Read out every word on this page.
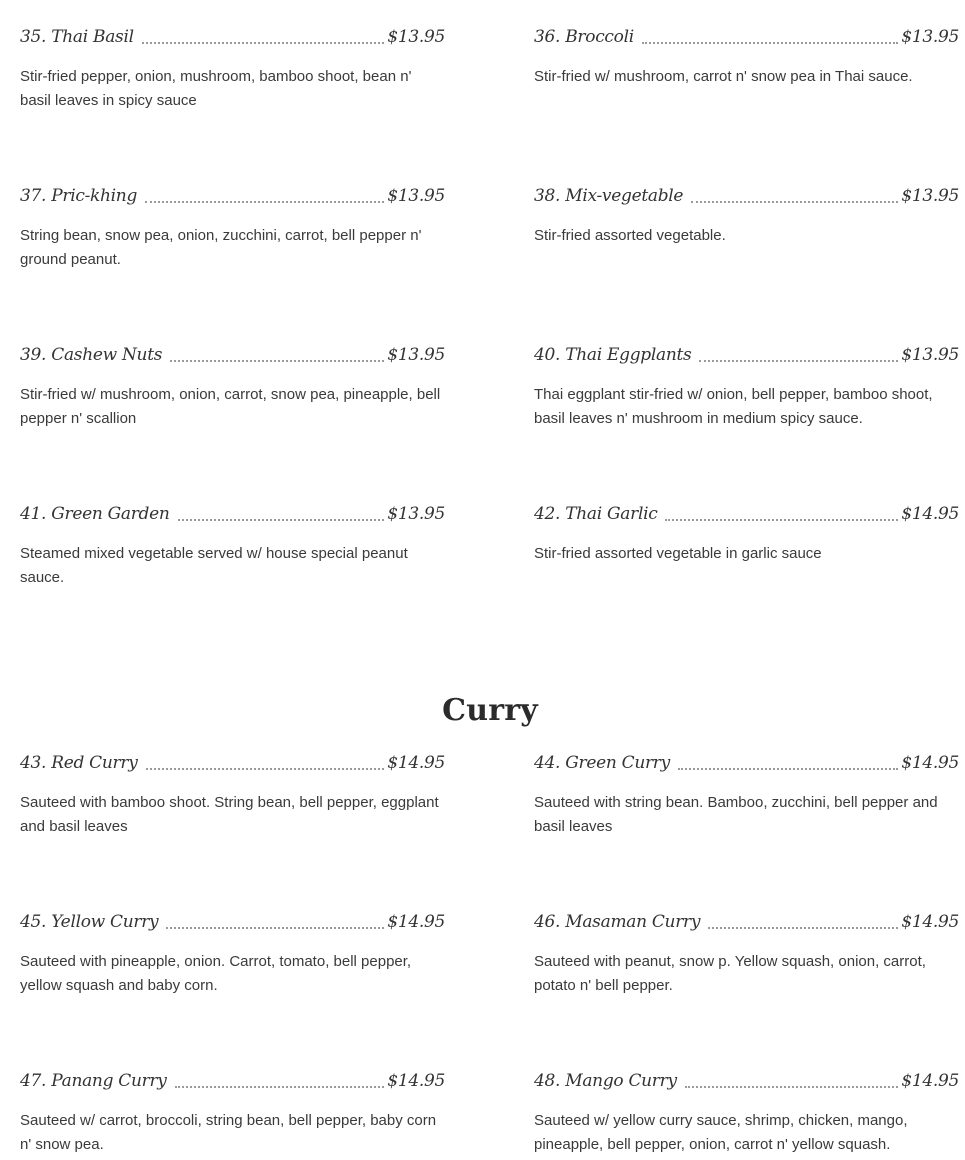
35. Thai Basil	$13.95

Stir-fried pepper, onion, mushroom, bamboo shoot, bean n' basil leaves in spicy sauce

36. Broccoli	$13.95

Stir-fried w/ mushroom, carrot n' snow pea in Thai sauce.

37. Pric-khing	$13.95

String bean, snow pea, onion, zucchini, carrot, bell pepper n' ground peanut.

38. Mix-vegetable	$13.95

Stir-fried assorted vegetable.

39. Cashew Nuts	$13.95

Stir-fried w/ mushroom, onion, carrot, snow pea, pineapple, bell pepper n' scallion

40. Thai Eggplants	$13.95

Thai eggplant stir-fried w/ onion, bell pepper, bamboo shoot, basil leaves n' mushroom in medium spicy sauce.

41. Green Garden	$13.95

Steamed mixed vegetable served w/ house special peanut sauce.

42. Thai Garlic	$14.95

Stir-fried assorted vegetable in garlic sauce

Curry
43. Red Curry	$14.95

Sauteed with bamboo shoot. String bean, bell pepper, eggplant and basil leaves

44. Green Curry	$14.95

Sauteed with string bean. Bamboo, zucchini, bell pepper and basil leaves

45. Yellow Curry	$14.95

Sauteed with pineapple, onion. Carrot, tomato, bell pepper, yellow squash and baby corn.

46. Masaman Curry	$14.95

Sauteed with peanut, snow p. Yellow squash, onion, carrot, potato n' bell pepper.

47. Panang Curry	$14.95

Sauteed w/ carrot, broccoli, string bean, bell pepper, baby corn n' snow pea.

48. Mango Curry	$14.95

Sauteed w/ yellow curry sauce, shrimp, chicken, mango, pineapple, bell pepper, onion, carrot n' yellow squash.
